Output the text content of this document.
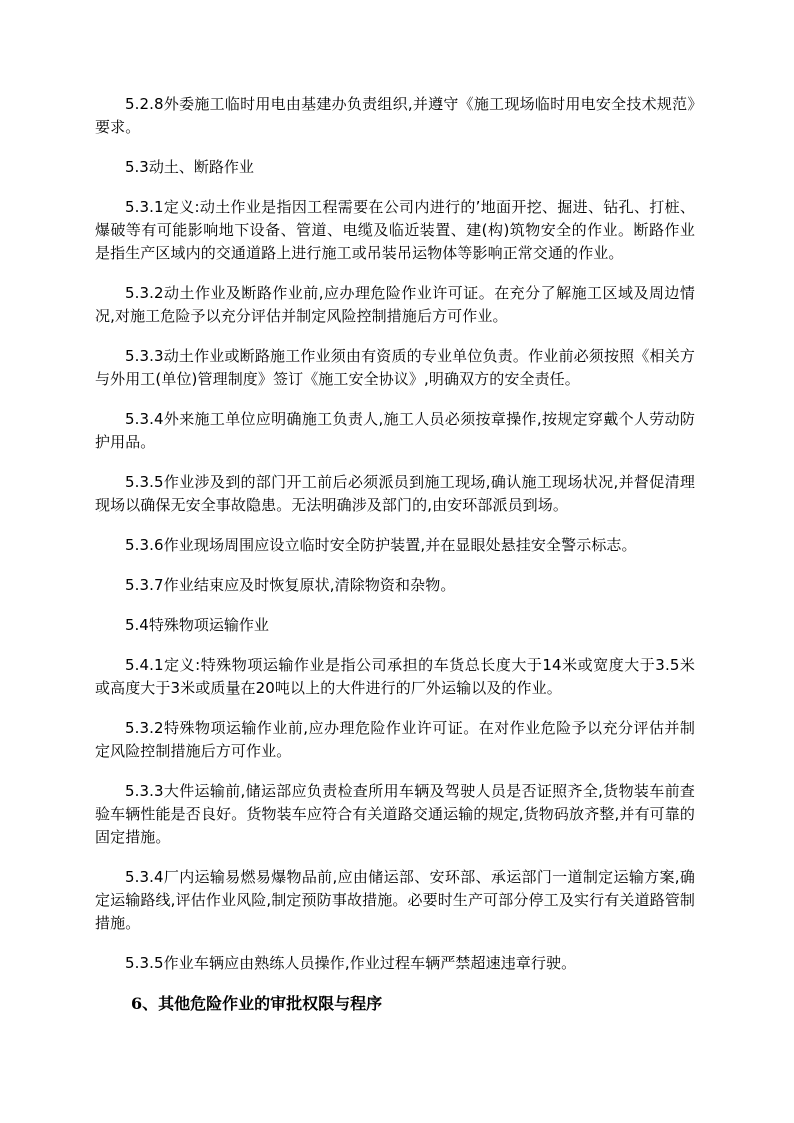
5.2.8外委施工临时用电由基建办负责组织,并遵守《施工现场临时用电安全技术规范》要求。

5.3动土、断路作业

5.3.1定义:动土作业是指因工程需要在公司内进行的’地面开挖、掘进、钻孔、打桩、爆破等有可能影响地下设备、管道、电缆及临近装置、建(构)筑物安全的作业。断路作业是指生产区域内的交通道路上进行施工或吊装吊运物体等影响正常交通的作业。

5.3.2动土作业及断路作业前,应办理危险作业许可证。在充分了解施工区域及周边情况,对施工危险予以充分评估并制定风险控制措施后方可作业。

5.3.3动土作业或断路施工作业须由有资质的专业单位负责。作业前必须按照《相关方与外用工(单位)管理制度》签订《施工安全协议》,明确双方的安全责任。

5.3.4外来施工单位应明确施工负责人,施工人员必须按章操作,按规定穿戴个人劳动防护用品。

5.3.5作业涉及到的部门开工前后必须派员到施工现场,确认施工现场状况,并督促清理现场以确保无安全事故隐患。无法明确涉及部门的,由安环部派员到场。

5.3.6作业现场周围应设立临时安全防护装置,并在显眼处悬挂安全警示标志。

5.3.7作业结束应及时恢复原状,清除物资和杂物。

5.4特殊物项运输作业

5.4.1定义:特殊物项运输作业是指公司承担的车货总长度大于14米或宽度大于3.5米或高度大于3米或质量在20吨以上的大件进行的厂外运输以及的作业。

5.3.2特殊物项运输作业前,应办理危险作业许可证。在对作业危险予以充分评估并制定风险控制措施后方可作业。

5.3.3大件运输前,储运部应负责检查所用车辆及驾驶人员是否证照齐全,货物装车前查验车辆性能是否良好。货物装车应符合有关道路交通运输的规定,货物码放齐整,并有可靠的固定措施。

5.3.4厂内运输易燃易爆物品前,应由储运部、安环部、承运部门一道制定运输方案,确定运输路线,评估作业风险,制定预防事故措施。必要时生产可部分停工及实行有关道路管制措施。

5.3.5作业车辆应由熟练人员操作,作业过程车辆严禁超速违章行驶。

6、其他危险作业的审批权限与程序
